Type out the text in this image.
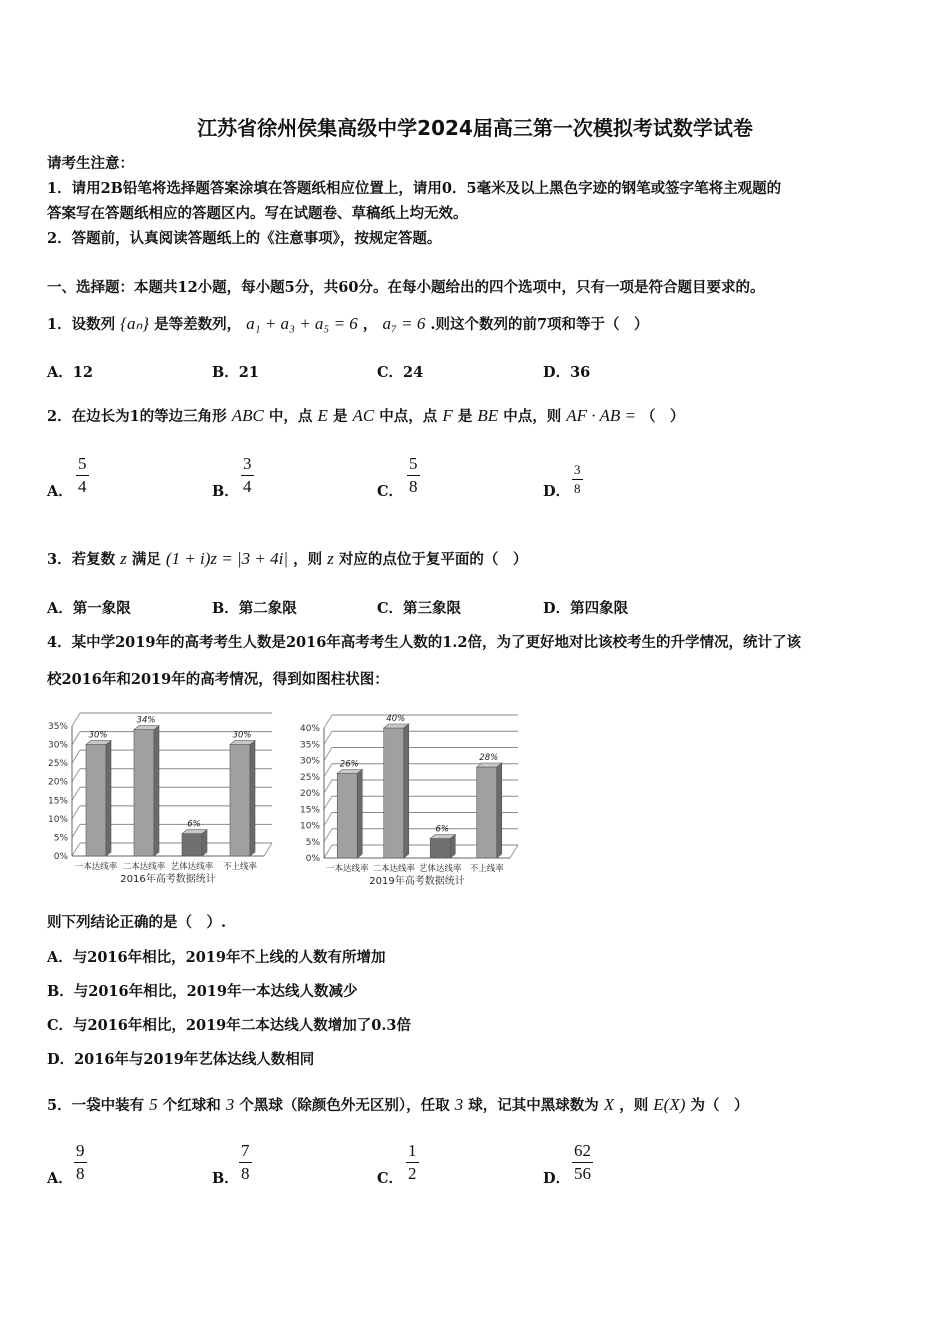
江苏省徐州侯集高级中学2024届高三第一次模拟考试数学试卷
请考生注意：
1．请用2B铅笔将选择题答案涂填在答题纸相应位置上，请用0．5毫米及以上黑色字迹的钢笔或签字笔将主观题的
答案写在答题纸相应的答题区内。写在试题卷、草稿纸上均无效。
2．答题前，认真阅读答题纸上的《注意事项》，按规定答题。
一、选择题：本题共12小题，每小题5分，共60分。在每小题给出的四个选项中，只有一项是符合题目要求的。
1．设数列 {aₙ} 是等差数列， a₁ + a₃ + a₅ = 6 ， a₇ = 6 .则这个数列的前7项和等于（　）
A．12	B．21	C．24	D．36
2．在边长为1的等边三角形 ABC 中，点 E 是 AC 中点，点 F 是 BE 中点，则 AF · AB = （　）
A．
5
4	B．
3
4	C．
5
8	D．
3
8
3．若复数 z 满足 (1 + i)z = |3 + 4i| ，则 z 对应的点位于复平面的（　）
A．第一象限	B．第二象限	C．第三象限	D．第四象限
4．某中学2019年的高考考生人数是2016年高考考生人数的1.2倍，为了更好地对比该校考生的升学情况，统计了该
校2016年和2019年的高考情况，得到如图柱状图：
0%
5%
10%
15%
20%
25%
30%
35%
30%
一本达线率
34%
二本达线率
6%
艺体达线率
30%
不上线率
2016年高考数据统计
0%
5%
10%
15%
20%
25%
30%
35%
40%
26%
一本达线率
40%
二本达线率
6%
艺体达线率
28%
不上线率
2019年高考数据统计
则下列结论正确的是（　）.
A．与2016年相比，2019年不上线的人数有所增加
B．与2016年相比，2019年一本达线人数减少
C．与2016年相比，2019年二本达线人数增加了0.3倍
D．2016年与2019年艺体达线人数相同
5．一袋中装有 5 个红球和 3 个黑球（除颜色外无区别），任取 3 球，记其中黑球数为 X ，则 E(X) 为（　）
A．
9
8	B．
7
8	C．
1
2	D．
62
56
